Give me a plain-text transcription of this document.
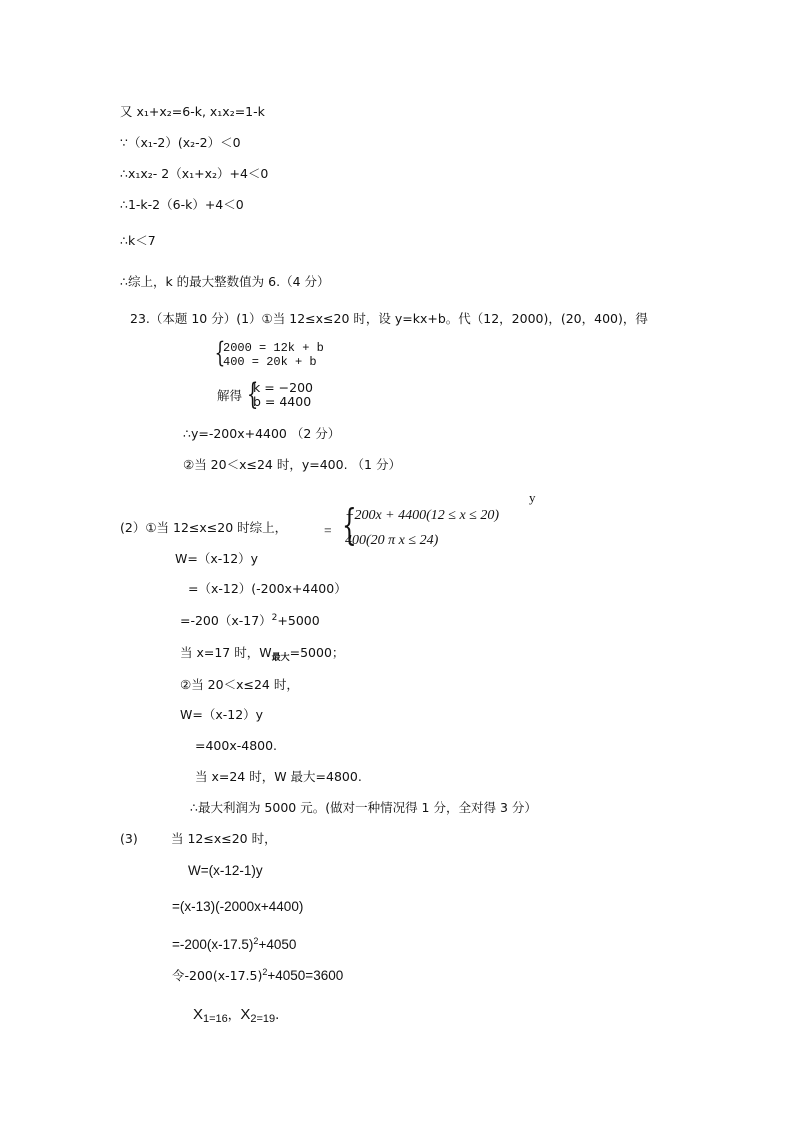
又 x₁+x₂=6-k, x₁x₂=1-k
∵（x₁-2）(x₂-2）＜0
∴x₁x₂- 2（x₁+x₂）+4＜0
∴1-k-2（6-k）+4＜0
∴k＜7
∴综上，k 的最大整数值为 6.（4 分）
23.（本题 10 分）(1）①当 12≤x≤20 时，设 y=kx+b。代（12，2000)，(20，400)，得
{
2000 = 12k + b
400 = 20k + b
解得 {
k = −200
b = 4400
∴y=-200x+4400 （2 分）
②当 20＜x≤24 时，y=400. （1 分）
y
(2）①当 12≤x≤20 时综上，	= {
−200x + 4400(12 ≤ x ≤ 20)
400(20 π x ≤ 24)
W=（x-12）y
=（x-12）(-200x+4400）
$=-200(x-17)^2+5000$
当 x=17 时，$W_{最大}=5000$；
②当 20＜x≤24 时，
W=（x-12）y
=400x-4800.
当 x=24 时，W 最大=4800.
∴最大利润为 5000 元。(做对一种情况得 1 分，全对得 3 分）
(3)	当 12≤x≤20 时，
W=(x-12-1)y
=(x-13)(-2000x+4400)
$=-200(x-17.5)^2+4050$
令$-200(x-17.5)^2+4050=3600$
$X_{1=16}$，$X_{2=19}$.
